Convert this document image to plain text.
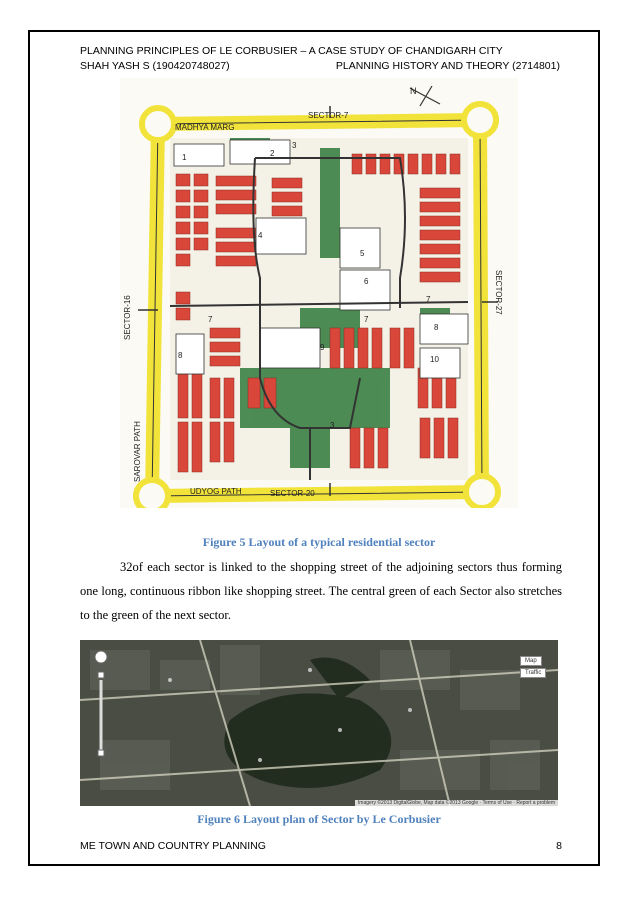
PLANNING PRINCIPLES OF LE CORBUSIER – A CASE STUDY OF CHANDIGARH CITY
SHAH YASH S (190420748027)	PLANNING HISTORY AND THEORY (2714801)
N
MADHYA MARG
SECTOR-7
UDYOG PATH	SECTOR-20
SECTOR-27
SECTOR-16
SAROVAR PATH
1	2
3
4
5
6
7	7
7
8
8
9
10
3
Figure 5 Layout of a typical residential sector

32of each sector is linked to the shopping street of the adjoining sectors thus forming one long, continuous ribbon like shopping street. The central green of each Sector also stretches to the green of the next sector.

Map
Traffic
Imagery ©2013 DigitalGlobe, Map data ©2013 Google · Terms of Use · Report a problem
Figure 6 Layout plan of Sector by Le Corbusier
ME TOWN AND COUNTRY PLANNING	8
